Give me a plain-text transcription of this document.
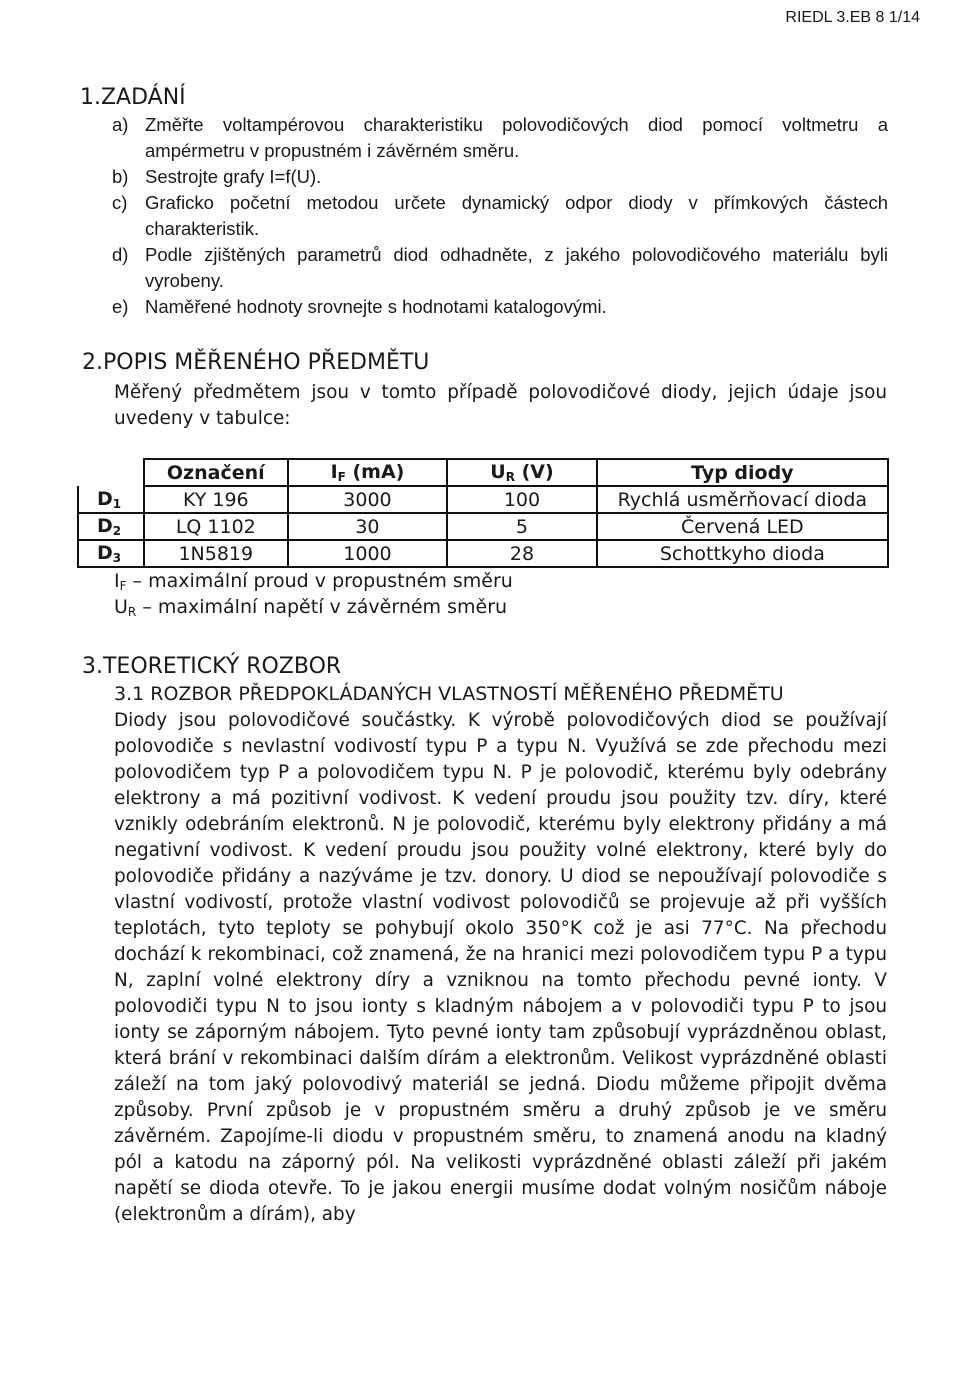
RIEDL 3.EB 8 1/14
1.ZADÁNÍ
a) Změřte voltampérovou charakteristiku polovodičových diod pomocí voltmetru a ampérmetru v propustném i závěrném směru.
b) Sestrojte grafy I=f(U).
c) Graficko početní metodou určete dynamický odpor diody v přímkových částech charakteristik.
d) Podle zjištěných parametrů diod odhadněte, z jakého polovodičového materiálu byli vyrobeny.
e) Naměřené hodnoty srovnejte s hodnotami katalogovými.
2.POPIS MĚŘENÉHO PŘEDMĚTU
Měřený předmětem jsou v tomto případě polovodičové diody, jejich údaje jsou uvedeny v tabulce:
	Označení	$I_F$ (mA)	$U_R$ (V)	Typ diody
$D_1$	KY 196	3000	100	Rychlá usměrňovací dioda
$D_2$	LQ 1102	30	5	Červená LED
$D_3$	1N5819	1000	28	Schottkyho dioda
$I_F$ – maximální proud v propustném směru
$U_R$ – maximální napětí v závěrném směru
3.TEORETICKÝ ROZBOR
3.1 ROZBOR PŘEDPOKLÁDANÝCH VLASTNOSTÍ MĚŘENÉHO PŘEDMĚTU
Diody jsou polovodičové součástky. K výrobě polovodičových diod se používají polovodiče s nevlastní vodivostí typu P a typu N. Využívá se zde přechodu mezi polovodičem typ P a polovodičem typu N. P je polovodič, kterému byly odebrány elektrony a má pozitivní vodivost. K vedení proudu jsou použity tzv. díry, které vznikly odebráním elektronů. N je polovodič, kterému byly elektrony přidány a má negativní vodivost. K vedení proudu jsou použity volné elektrony, které byly do polovodiče přidány a nazýváme je tzv. donory. U diod se nepoužívají polovodiče s vlastní vodivostí, protože vlastní vodivost polovodičů se projevuje až při vyšších teplotách, tyto teploty se pohybují okolo 350°K což je asi 77°C. Na přechodu dochází k rekombinaci, což znamená, že na hranici mezi polovodičem typu P a typu N, zaplní volné elektrony díry a vzniknou na tomto přechodu pevné ionty. V polovodiči typu N to jsou ionty s kladným nábojem a v polovodiči typu P to jsou ionty se záporným nábojem. Tyto pevné ionty tam způsobují vyprázdněnou oblast, která brání v rekombinaci dalším dírám a elektronům. Velikost vyprázdněné oblasti záleží na tom jaký polovodivý materiál se jedná. Diodu můžeme připojit dvěma způsoby. První způsob je v propustném směru a druhý způsob je ve směru závěrném. Zapojíme-li diodu v propustném směru, to znamená anodu na kladný pól a katodu na záporný pól. Na velikosti vyprázdněné oblasti záleží při jakém napětí se dioda otevře. To je jakou energii musíme dodat volným nosičům náboje (elektronům a dírám), aby
